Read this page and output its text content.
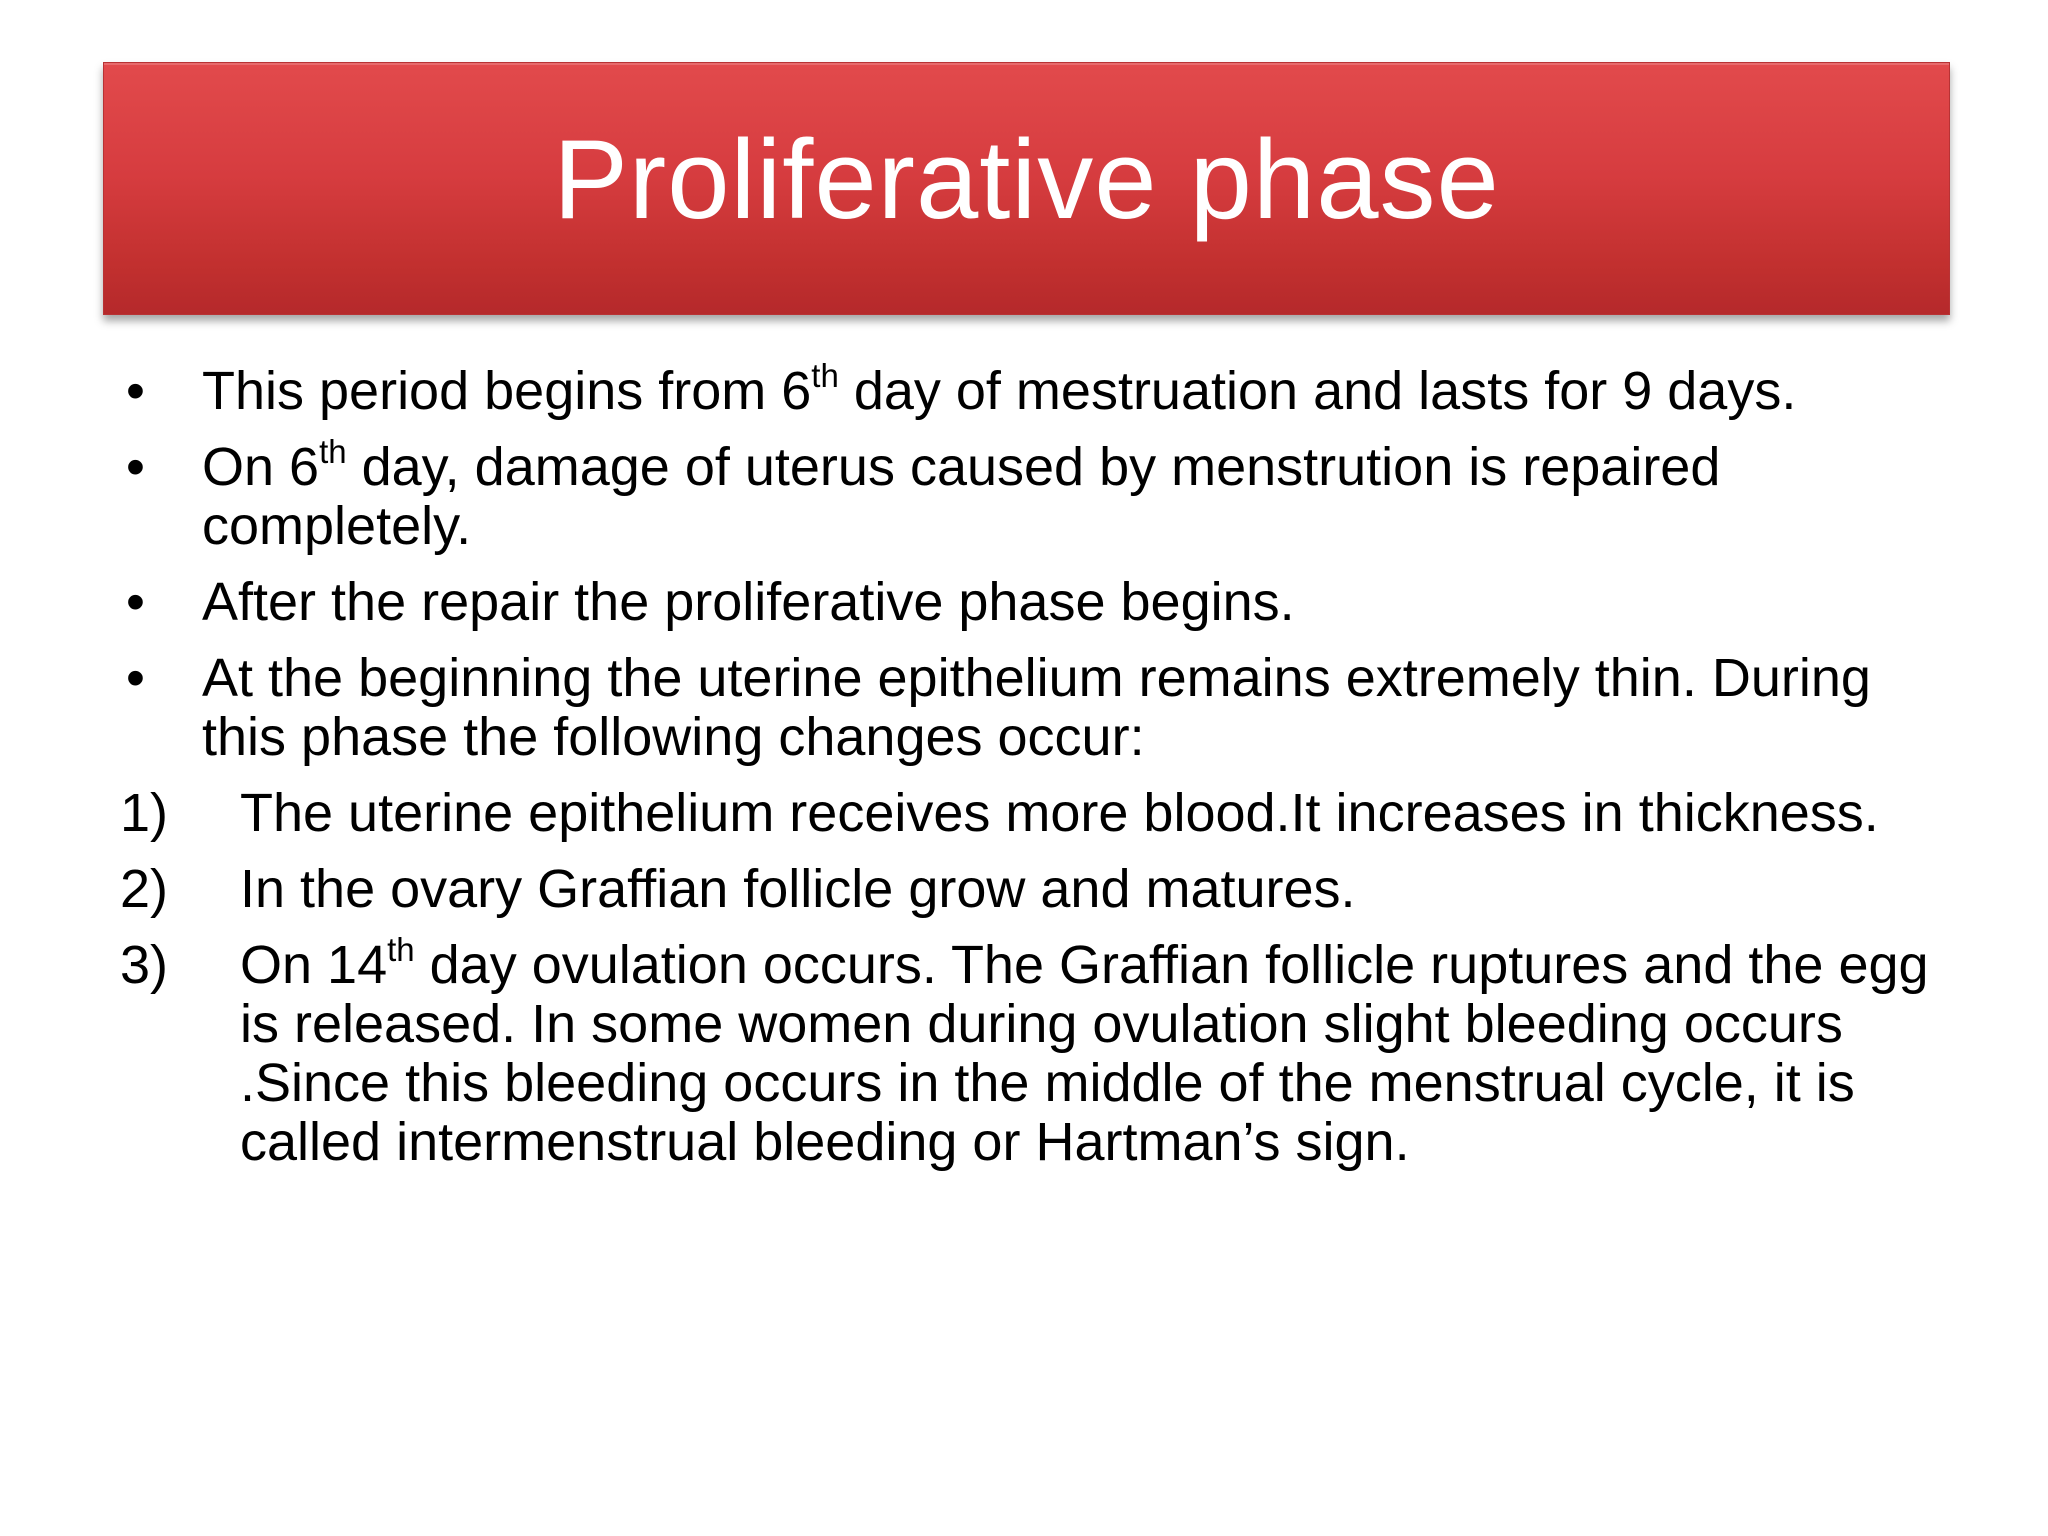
Proliferative phase
• This period begins from 6th day of mestruation and lasts for 9 days.
• On 6th day, damage of uterus caused by menstrution is repaired completely.
• After the repair the proliferative phase begins.
• At the beginning the uterine epithelium remains extremely thin. During this phase the following changes occur:
1) The uterine epithelium receives more blood.It increases in thickness.
2) In the ovary Graffian follicle grow and matures.
3) On 14th day ovulation occurs. The Graffian follicle ruptures and the egg is released. In some women during ovulation slight bleeding occurs .Since this bleeding occurs in the middle of the menstrual cycle, it is called intermenstrual bleeding or Hartman’s sign.
